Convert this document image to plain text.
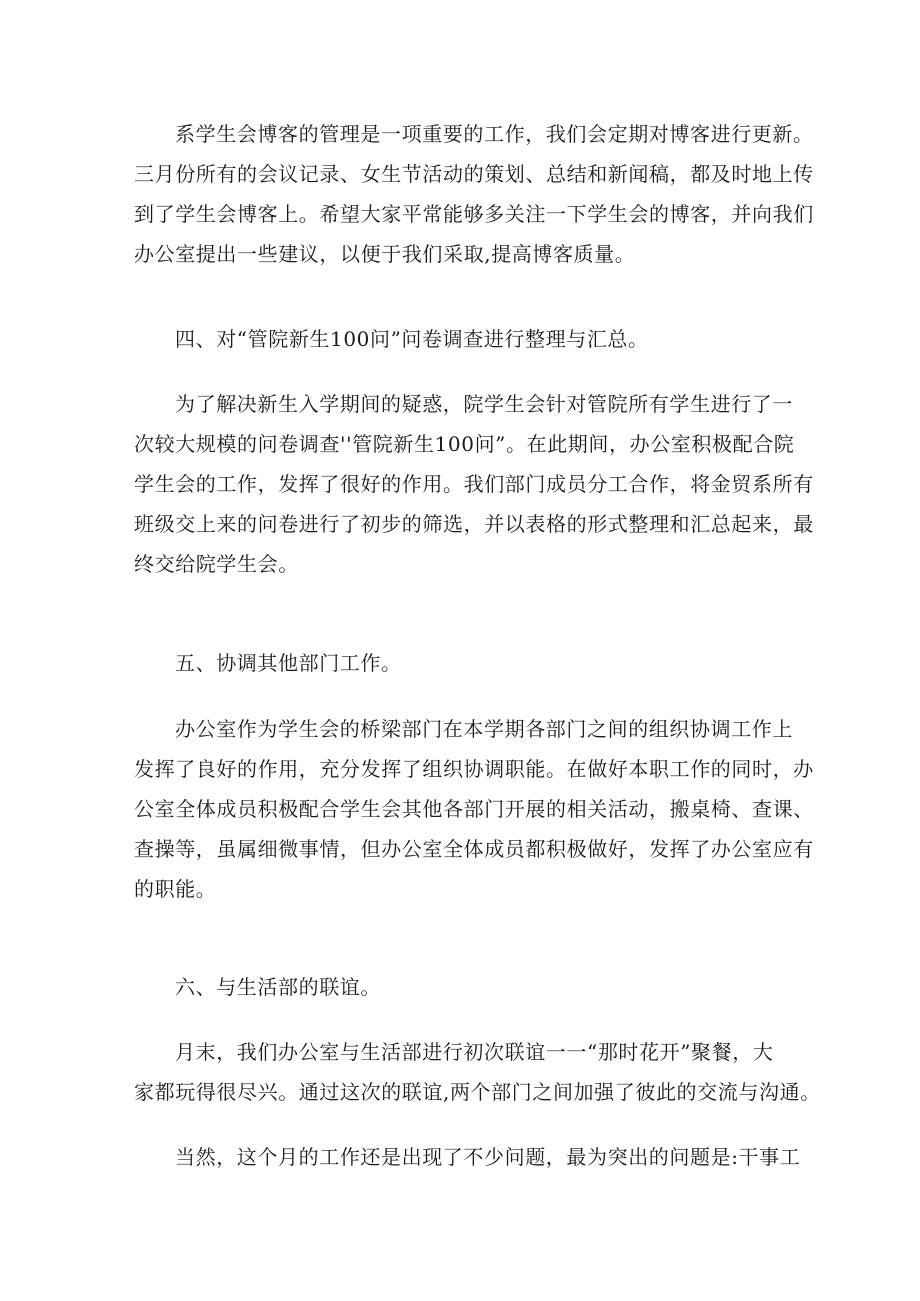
系学生会博客的管理是一项重要的工作，我们会定期对博客进行更新。
三月份所有的会议记录、女生节活动的策划、总结和新闻稿，都及时地上传
到了学生会博客上。希望大家平常能够多关注一下学生会的博客，并向我们
办公室提出一些建议，以便于我们采取,提高博客质量。
四、对“管院新生100问”问卷调查进行整理与汇总。
为了解决新生入学期间的疑惑，院学生会针对管院所有学生进行了一
次较大规模的问卷调查''管院新生100问”。在此期间，办公室积极配合院
学生会的工作，发挥了很好的作用。我们部门成员分工合作，将金贸系所有
班级交上来的问卷进行了初步的筛选，并以表格的形式整理和汇总起来，最
终交给院学生会。
五、协调其他部门工作。
办公室作为学生会的桥梁部门在本学期各部门之间的组织协调工作上
发挥了良好的作用，充分发挥了组织协调职能。在做好本职工作的同时，办
公室全体成员积极配合学生会其他各部门开展的相关活动，搬桌椅、查课、
查操等，虽属细微事情，但办公室全体成员都积极做好，发挥了办公室应有
的职能。
六、与生活部的联谊。
月末，我们办公室与生活部进行初次联谊一一“那时花开”聚餐，大
家都玩得很尽兴。通过这次的联谊,两个部门之间加强了彼此的交流与沟通。
当然，这个月的工作还是出现了不少问题，最为突出的问题是:干事工
